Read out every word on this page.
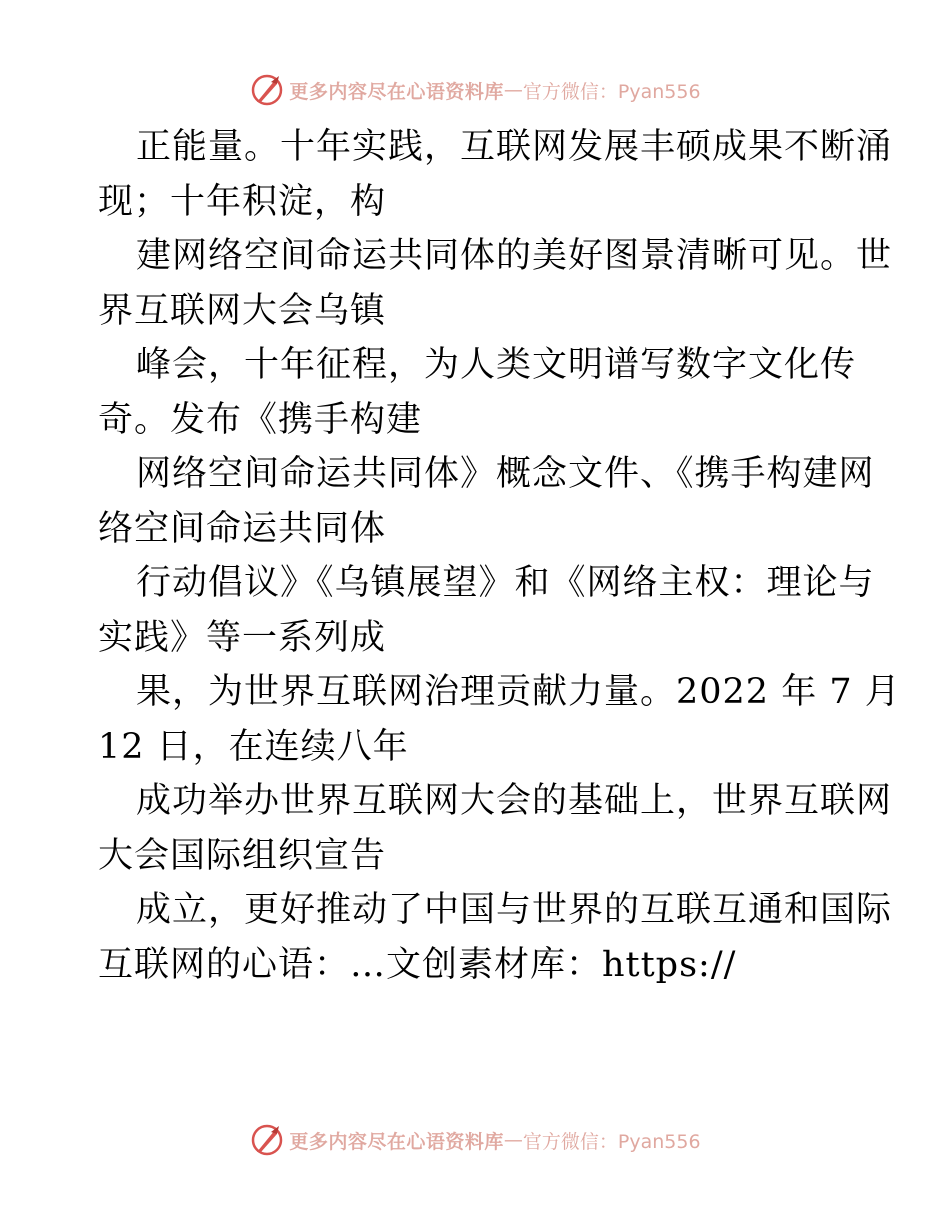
更多内容尽在心语资料库 — 官方微信：Pyan556
正能量。十年实践，互联网发展丰硕成果不断涌
现；十年积淀，构
建网络空间命运共同体的美好图景清晰可见。世
界互联网大会乌镇
峰会，十年征程，为人类文明谱写数字文化传
奇。发布《携手构建
网络空间命运共同体》概念文件、《携手构建网
络空间命运共同体
行动倡议》《乌镇展望》和《网络主权：理论与
实践》等一系列成
果，为世界互联网治理贡献力量。2022 年 7 月
12 日，在连续八年
成功举办世界互联网大会的基础上，世界互联网
大会国际组织宣告
成立，更好推动了中国与世界的互联互通和国际
互联网的心语：…文创素材库：https://
更多内容尽在心语资料库 — 官方微信：Pyan556
